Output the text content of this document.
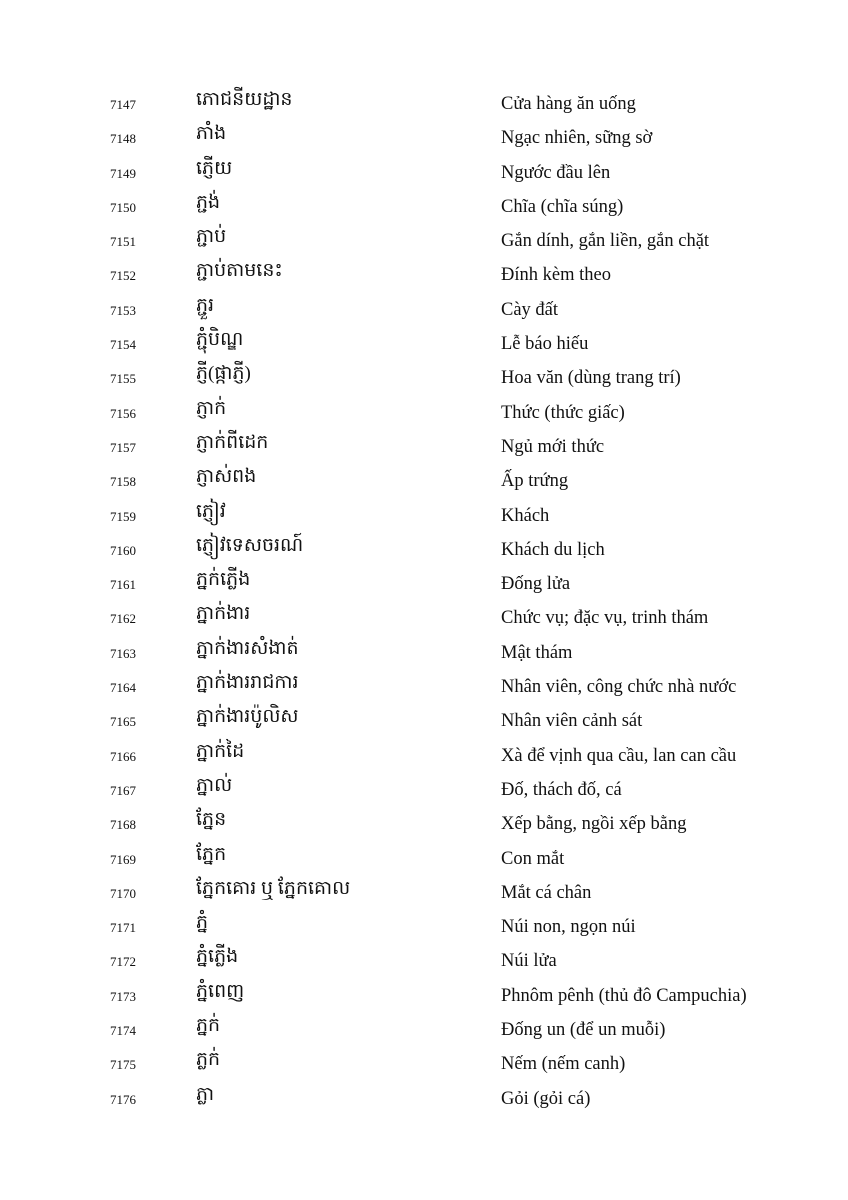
7147	ភោជនីយដ្ឋាន	Cửa hàng ăn uống
7148	ភាំង	Ngạc nhiên, sững sờ
7149	ភ្ញើយ	Ngước đầu lên
7150	ភ្ជង់	Chĩa (chĩa súng)
7151	ភ្ជាប់	Gắn dính, gắn liền, gắn chặt
7152	ភ្ជាប់តាមនេះ	Đính kèm theo
7153	ភ្ជួរ	Cày đất
7154	ភ្ជុំបិណ្ឌ	Lễ báo hiếu
7155	ភ្ញី(ផ្កាភ្ញី)	Hoa văn (dùng trang trí)
7156	ភ្ញាក់	Thức (thức giấc)
7157	ភ្ញាក់ពីដេក	Ngủ mới thức
7158	ភ្ញាស់ពង	Ấp trứng
7159	ភ្ញៀវ	Khách
7160	ភ្ញៀវទេសចរណ៍	Khách du lịch
7161	ភ្នក់ភ្លើង	Đống lửa
7162	ភ្នាក់ងារ	Chức vụ; đặc vụ, trinh thám
7163	ភ្នាក់ងារសំងាត់	Mật thám
7164	ភ្នាក់ងាររាជការ	Nhân viên, công chức nhà nước
7165	ភ្នាក់ងារប៉ូលិស	Nhân viên cảnh sát
7166	ភ្នាក់ដៃ	Xà để vịnh qua cầu, lan can cầu
7167	ភ្នាល់	Đố, thách đố, cá
7168	ភ្នែន	Xếp bằng, ngồi xếp bằng
7169	ភ្នែក	Con mắt
7170	ភ្នែកគោរ ឬ ភ្នែកគោល	Mắt cá chân
7171	ភ្នំ	Núi non, ngọn núi
7172	ភ្នំភ្លើង	Núi lửa
7173	ភ្នំពេញ	Phnôm pênh (thủ đô Campuchia)
7174	ភ្នក់	Đống un (để un muỗi)
7175	ភ្លក់	Nếm (nếm canh)
7176	ភ្លា	Gỏi (gỏi cá)
